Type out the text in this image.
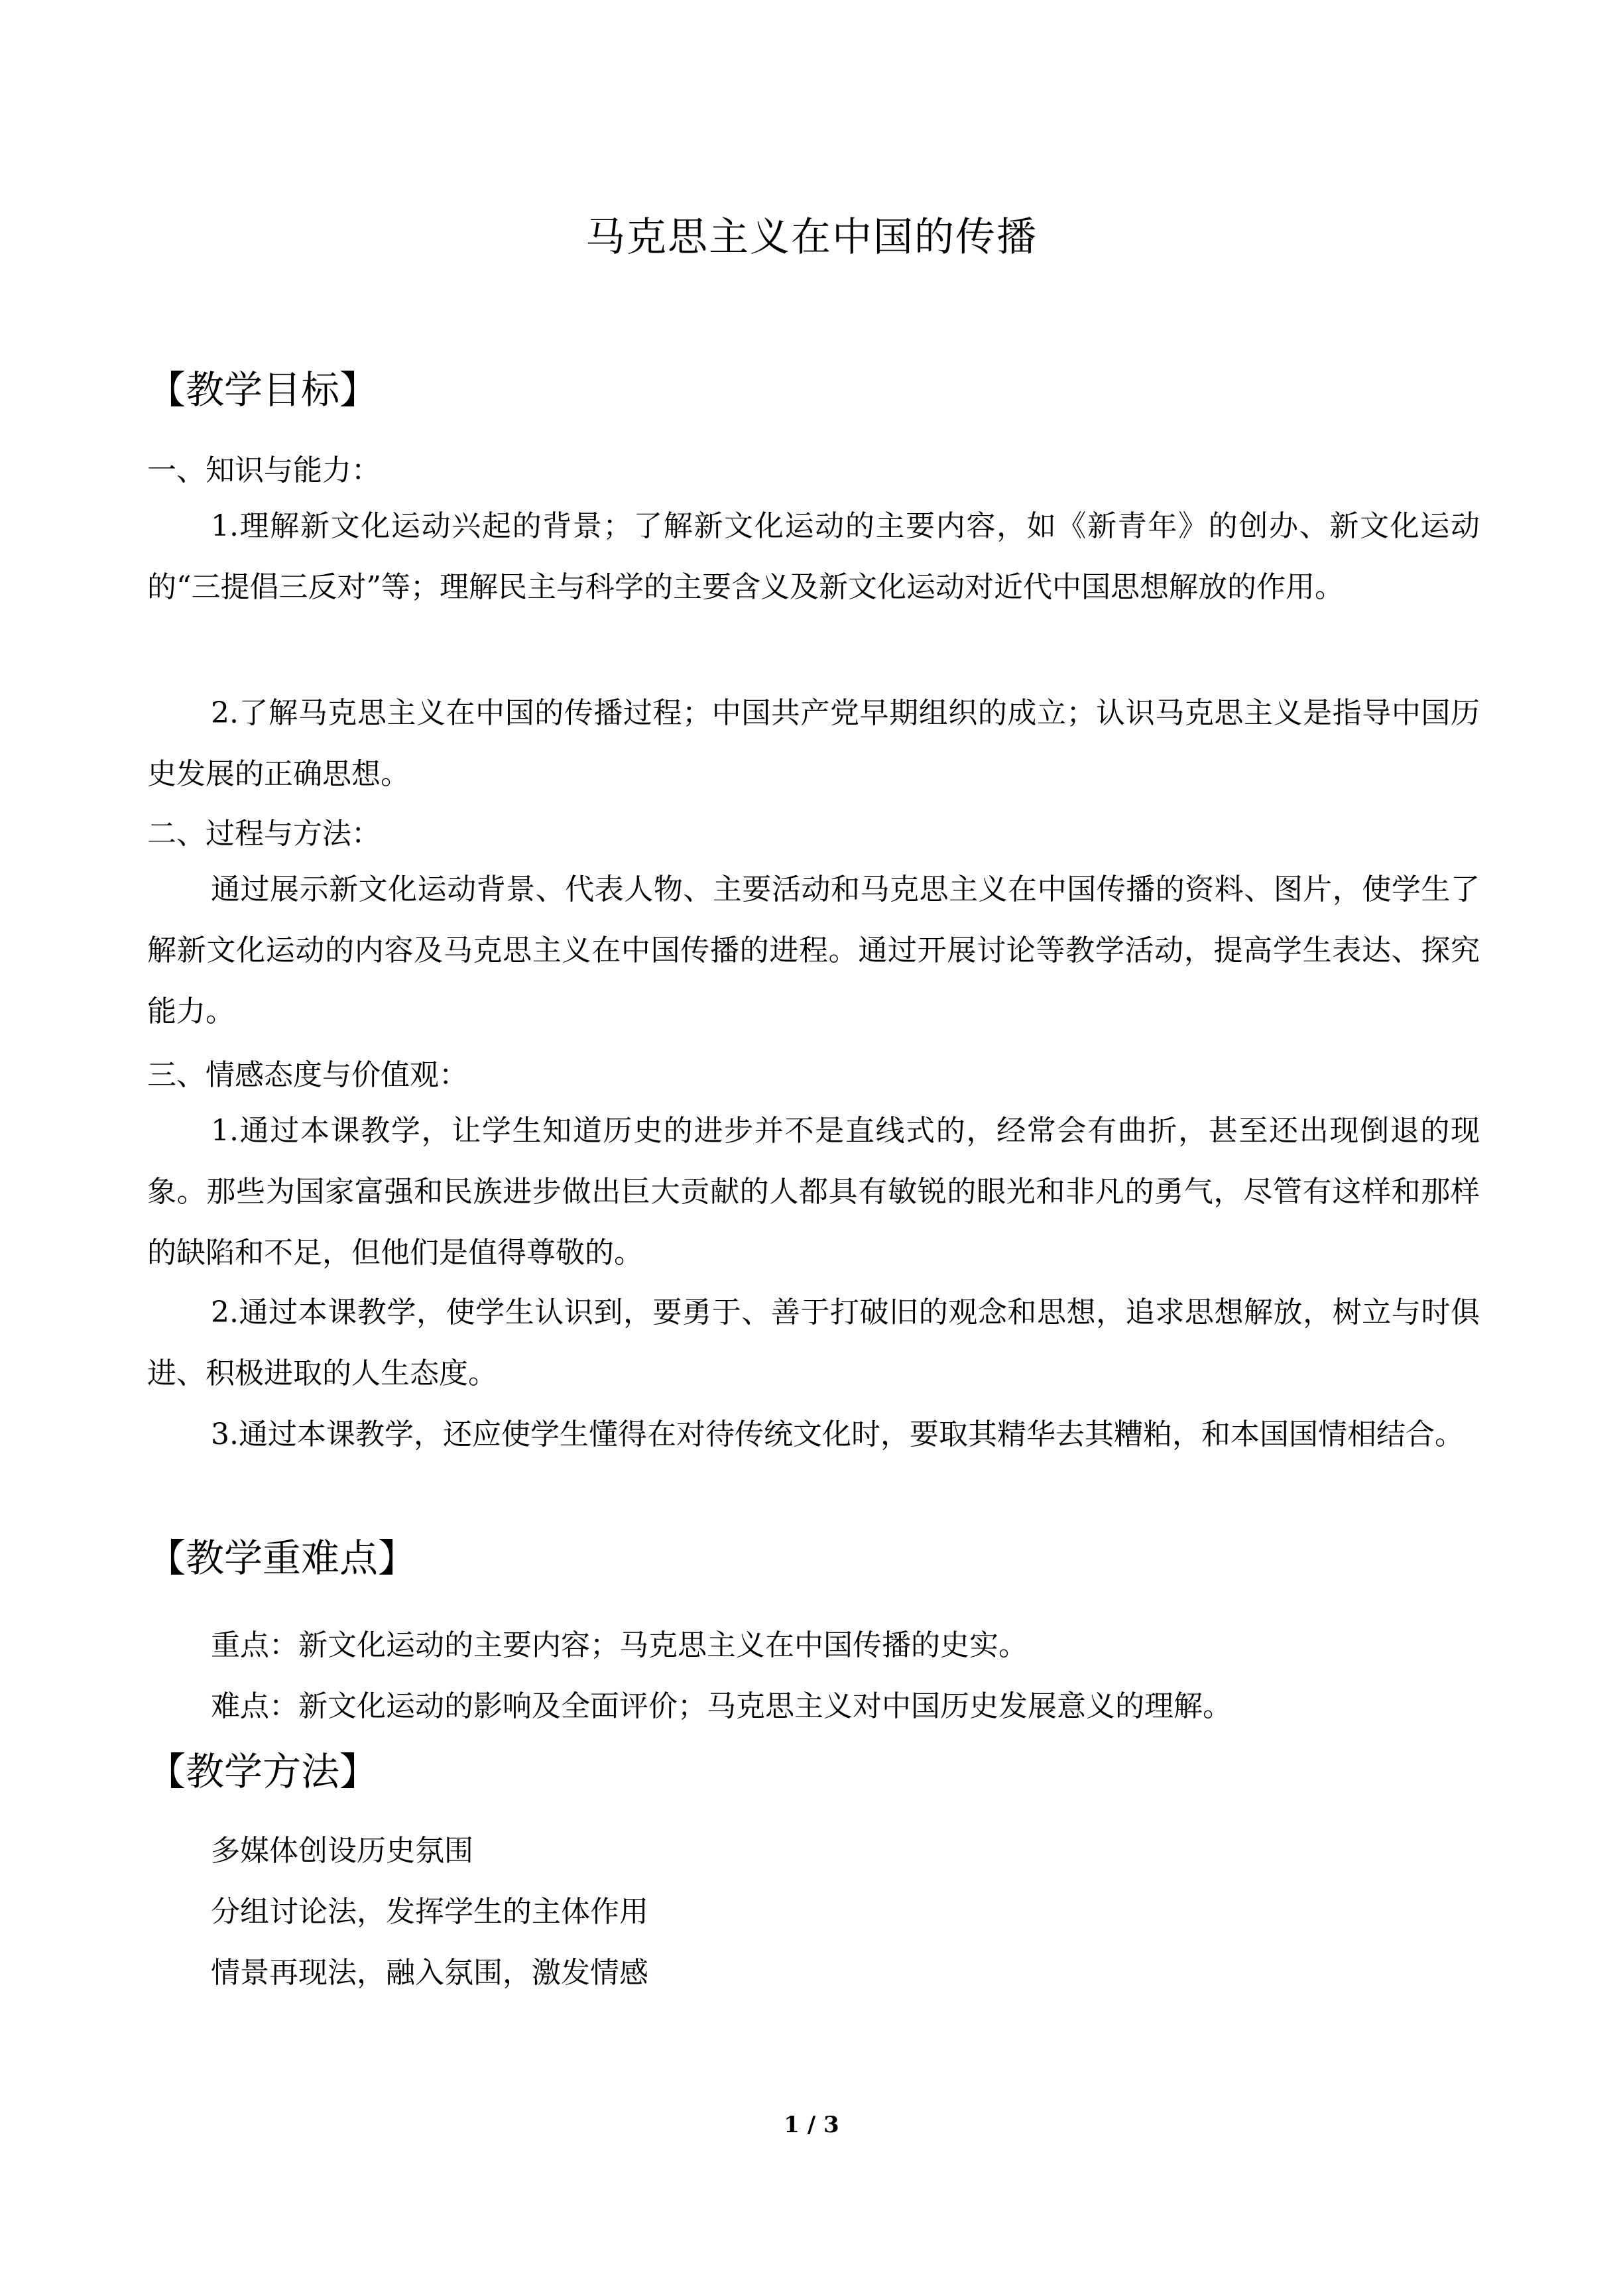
马克思主义在中国的传播
【教学目标】
一、知识与能力：

1.理解新文化运动兴起的背景；了解新文化运动的主要内容，如《新青年》的创办、新文化运动的“三提倡三反对”等；理解民主与科学的主要含义及新文化运动对近代中国思想解放的作用。

2.了解马克思主义在中国的传播过程；中国共产党早期组织的成立；认识马克思主义是指导中国历史发展的正确思想。

二、过程与方法：

通过展示新文化运动背景、代表人物、主要活动和马克思主义在中国传播的资料、图片，使学生了解新文化运动的内容及马克思主义在中国传播的进程。通过开展讨论等教学活动，提高学生表达、探究能力。

三、情感态度与价值观：

1.通过本课教学，让学生知道历史的进步并不是直线式的，经常会有曲折，甚至还出现倒退的现象。那些为国家富强和民族进步做出巨大贡献的人都具有敏锐的眼光和非凡的勇气，尽管有这样和那样的缺陷和不足，但他们是值得尊敬的。

2.通过本课教学，使学生认识到，要勇于、善于打破旧的观念和思想，追求思想解放，树立与时俱进、积极进取的人生态度。

3.通过本课教学，还应使学生懂得在对待传统文化时，要取其精华去其糟粕，和本国国情相结合。

【教学重难点】
重点：新文化运动的主要内容；马克思主义在中国传播的史实。
难点：新文化运动的影响及全面评价；马克思主义对中国历史发展意义的理解。
【教学方法】
多媒体创设历史氛围
分组讨论法，发挥学生的主体作用
情景再现法，融入氛围，激发情感
1 / 3
